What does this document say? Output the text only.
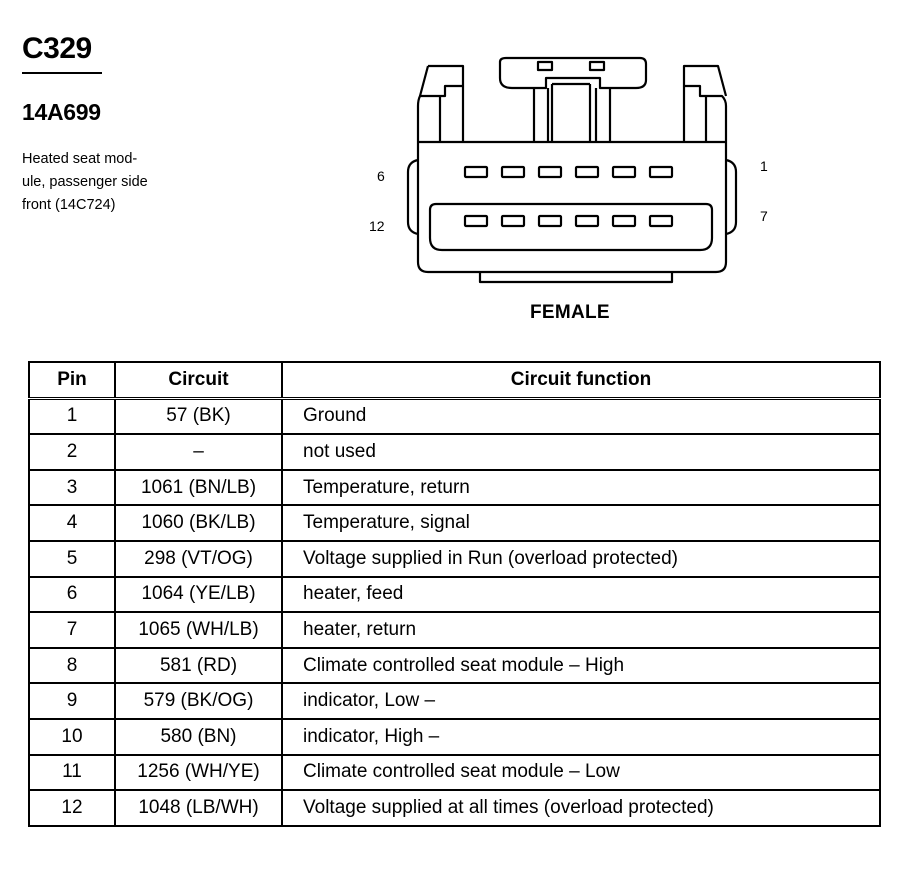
C329
14A699
Heated seat mod-
ule, passenger side
front (14C724)
6
12
1
7
FEMALE
Pin	Circuit	Circuit function
1	57 (BK)	Ground
2	–	not used
3	1061 (BN/LB)	Temperature, return
4	1060 (BK/LB)	Temperature, signal
5	298 (VT/OG)	Voltage supplied in Run (overload protected)
6	1064 (YE/LB)	heater, feed
7	1065 (WH/LB)	heater, return
8	581 (RD)	Climate controlled seat module – High
9	579 (BK/OG)	indicator, Low –
10	580 (BN)	indicator, High –
11	1256 (WH/YE)	Climate controlled seat module – Low
12	1048 (LB/WH)	Voltage supplied at all times (overload protected)
